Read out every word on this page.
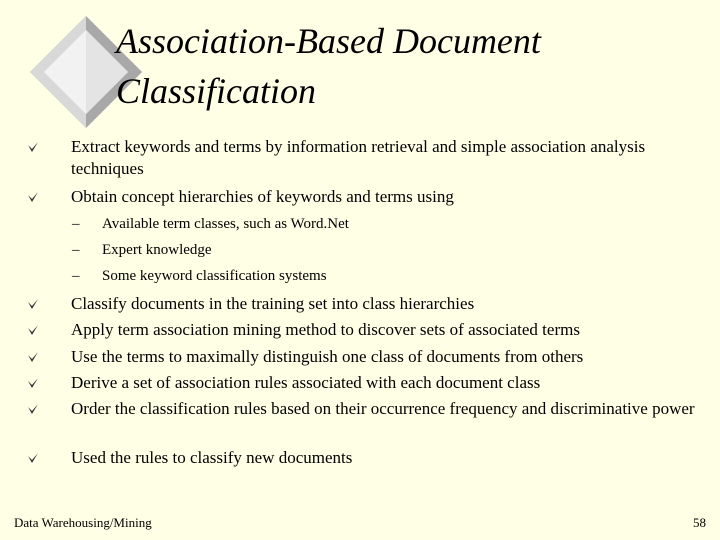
Association-Based Document Classification
Extract keywords and terms by information retrieval and simple association analysis techniques
Obtain concept hierarchies of keywords and terms using
– Available term classes, such as Word.Net
– Expert knowledge
– Some keyword classification systems
Classify documents in the training set into class hierarchies
Apply term association mining method to discover sets of associated terms
Use the terms to maximally distinguish one class of documents from others
Derive a set of association rules associated with each document class
Order the classification rules based on their occurrence frequency and discriminative power
Used the rules to classify new documents
Data Warehousing/Mining	58
